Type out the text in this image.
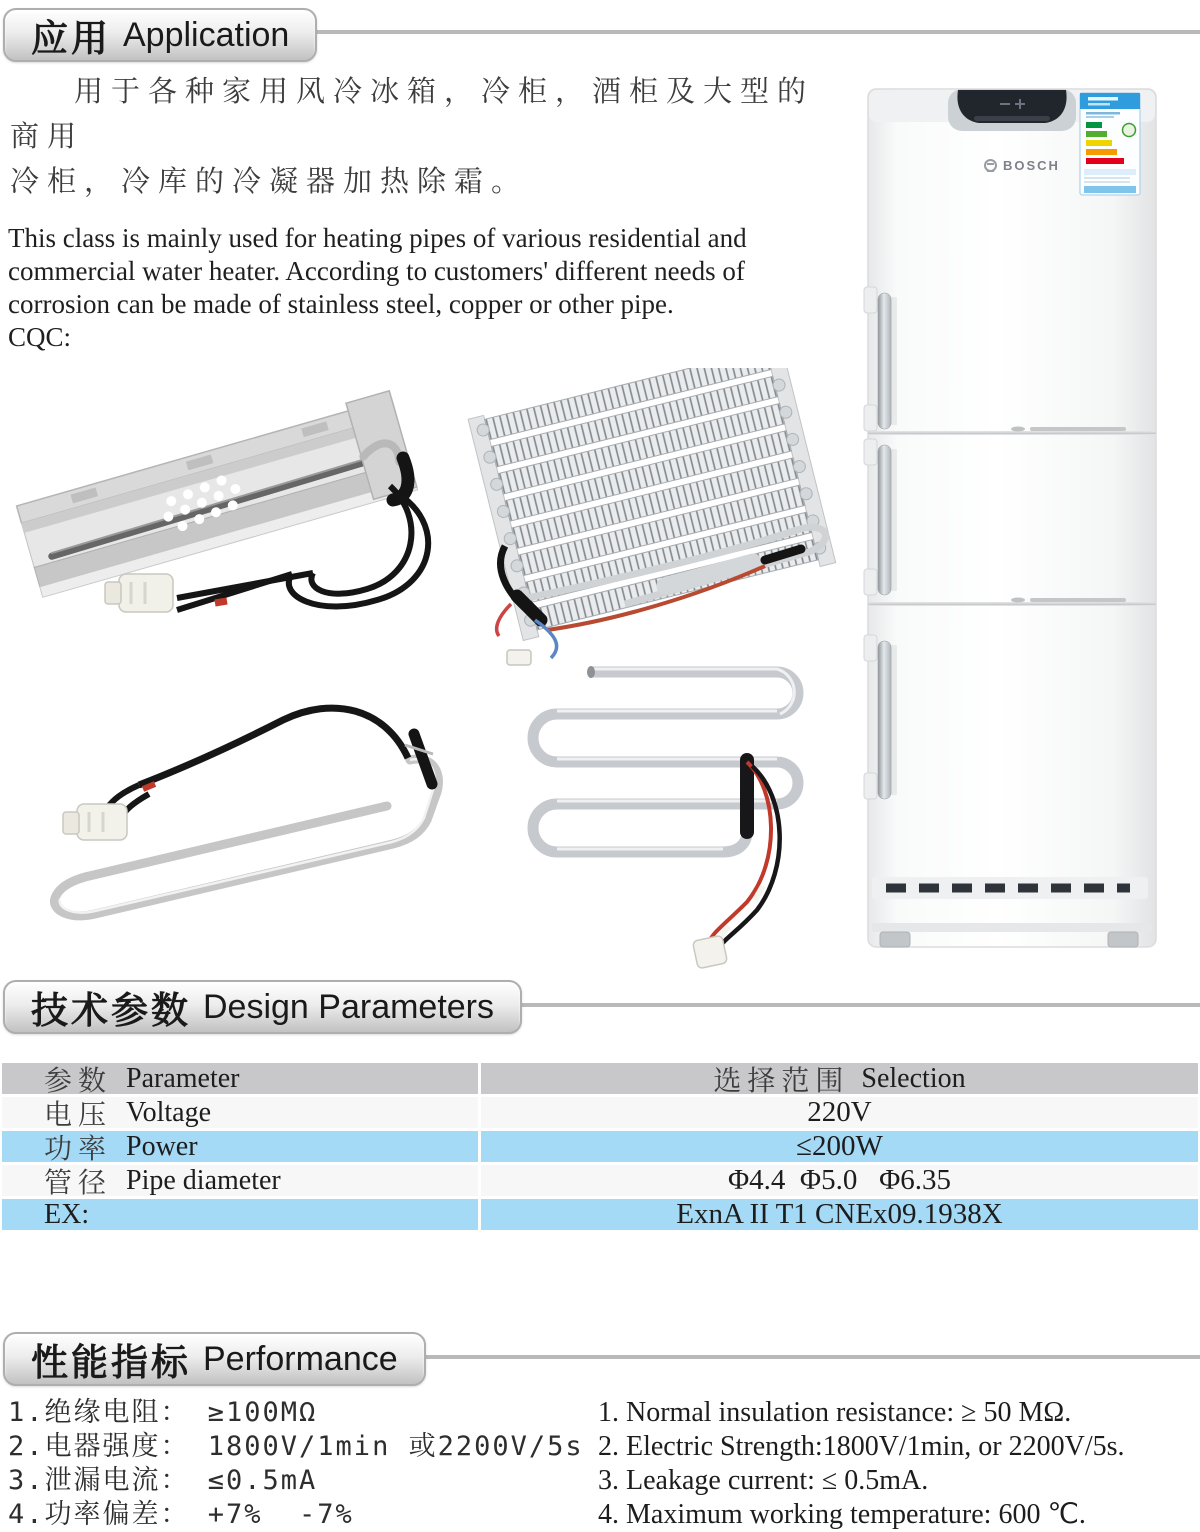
应用 Application
用于各种家用风冷冰箱，冷柜，酒柜及大型的商用
冷柜，冷库的冷凝器加热除霜。
This class is mainly used for heating pipes of various residential and
commercial water heater. According to customers' different needs of
corrosion can be made of stainless steel, copper or other pipe.
CQC:
BOSCH
技术参数 Design Parameters
参数 Parameter	选择范围 Selection
电压 Voltage	220V
功率 Power	≤200W
管径 Pipe diameter	Φ4.4  Φ5.0   Φ6.35
EX:	ExnA II T1 CNEx09.1938X
性能指标 Performance
1.绝缘电阻： ≥100MΩ
2.电器强度： 1800V/1min 或2200V/5s
3.泄漏电流： ≤0.5mA
4.功率偏差： +7%  -7%
1. Normal insulation resistance: ≥ 50 MΩ.
2. Electric Strength:1800V/1min, or 2200V/5s.
3. Leakage current: ≤ 0.5mA.
4. Maximum working temperature: 600 ℃.
